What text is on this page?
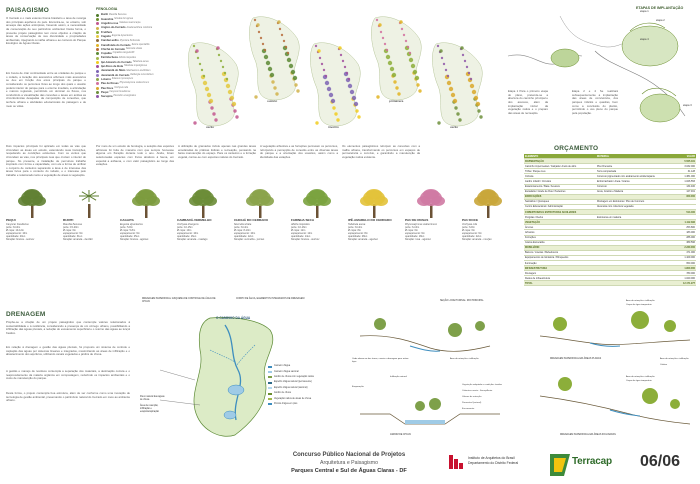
PAISAGISMO
O Cerrado é o mais extenso bioma brasileiro e área de recarga dos principais aquíferos do país. Encontra-se, no entanto, sob ameaça das ações antrópicas, havendo assim, a necessidade da conservação de seu patrimônio ambiental. Desta forma, o presente projeto paisagístico tem como objetivo a criação de áreas de conservação de sua diversidade e propriedades ambientais, integrando à malha urbana e ao contexto do Parque Ecológico de Águas Claras.
Em busca de criar continuidade entre as unidades de parque e o rodado, a locação dos acessórios arbóreos mais acessórios se deu em função dos eixos principais do parque e considerando os percursos livres ao longo dos quais o usuário poderá interior do parque para o entorno imediato, a articulação e marcos regionais, permitindo um dominar os fluxos, nos conduzindo a visualização das conexões e áreas em ambas as circunferências desejadas da composição de conexões, que tenhura urbana e atividades educacionais de paisagem e de meio ou vidas.
FENOLOGIA
Buriti Mauritia flexuosa
Guanchia Simaba ferruginea
Angelim-rosa Vatairea macrocarpa
Angico-do-Cerrado Anadenanthera colubrina
Frutífera
Cagaita Eugenia dysenterica
Cambuí-velho Myrciaria floribunda
Canafístula do Cerrado Senna spectabilis
Chichá do Cerrado Sterculia striata
Copaíba Copaifera langsdorffii
Farinha Seca Albizia niopoides
Ipê-Amarelo do Cerrado Tabebuia aurea
Ipê-Roxo de Bola Tabebuia impetiginosa
Jacarandá do Mato Machaerium acutifolium
Jacarandá do Cerrado Dalbergia miscolobium
Lobeira Solanum lycocarpum
Pau de Rosas Physocalymma scaberrimum
Pau Doce Vochysia rufa
Pequi Caryocar brasiliense
Sucupira Pterodon emarginatus
verão
outono
inverno
primavera
verão
Dois impactos principais foi aplicado em todas as vias que circundam as áreas em estudo, estendendo suas transições, respeitando as condições existentes. Com os ventos que circundam as vias, nos principais ruas que cruzam o interior do parque. No presente, a instalação de percursos trabalho inspirado com forma e capacidade, com ele a forma de unificar o conjunto de canteiros separando a área é de interesse das áreas livres para o contexto do rodado, e o interesse pelo trabalho e relacionado tanto a vegetação de áreas à vegetação.
Por meio de um estudo de fenologia, a seleção das espécies arbóreas foi feita de maneira com que sempre houvesse alguma em floração durante todo o ano. Ainda, foram selecionadas espécies com frutos atrativos à fauna, em especial a avifauna, e com valor paisagístico ao longo das estações.
A utilização de gramados incluiu apenas nas grandes áreas ensolaradas de práticas lúdicas e recreação, pensando na baixa manutenção do espaço. Para os canteiros e a forração vegetal, contou-se com espécies nativas do Cerrado.
A vegetação arbustiva e as forrações permeiam os percursos, reforçando a percepção de conexão entre as diversas áreas do parque e a orientação dos usuários, assim como a identidade das estações.
Os elementos paisagísticos reforçam as conexões com a malha urbana, transformando os percursos em espaços de permanência e convívio, e garantindo a manutenção da vegetação nativa existente.
PEQUI
Caryocar brasiliense
porte: 8-10m
Ø copa: 10-12m
espaçamento: 10m
quantidade: 20un
floração: branca - set/nov
BURITI
Mauritia flexuosa
porte: 15-20m
Ø copa: 6m
espaçamento: 6m
quantidade: 31un
floração: amarela - dez/abr
CAGAITA
Eugenia dysenterica
porte: 5-8m
Ø copa: 5-8m
espaçamento: 6m
quantidade: 25un
floração: branca - ago/set
CAMBARÁ-VERMELHO
Vochysia divergens
porte: 10-15m
Ø copa: 10m
espaçamento: 10m
quantidade: 16un
floração: amarela - mai/ago
CHICHÁ DO CERRADO
Sterculia striata
porte: 8-12m
Ø copa: 8-10m
espaçamento: 10m
quantidade: 12un
floração: vermelha - jun/set
FARINHA SECA
Albizia niopoides
porte: 10-16m
Ø copa: 12m
espaçamento: 12m
quantidade: 14un
floração: branca - out/nov
IPÊ-AMARELO DO CERRADO
Tabebuia aurea
porte: 8-12m
Ø copa: 8m
espaçamento: 8m
quantidade: 28un
floração: amarela - ago/set
PAU DE ROSAS
Physocalymma scaberrimum
porte: 6-10m
Ø copa: 6m
espaçamento: 6m
quantidade: 18un
floração: rosa - ago/out
PAU DOCE
Vochysia rufa
porte: 6-8m
Ø copa: 6m
espaçamento: 6m
quantidade: 22un
floração: amarela - nov/jan
ETAPAS DE IMPLANTAÇÃO
etapa 1
etapa 2
etapa 3
etapa 4
Etapa 1 Para o primeiro etapa do plano, pretende-se a abertura do caminho principal e dos acessos, além da implantação inicial da vegetação nativa e o preparo das áreas de recreação.
Etapa 2 e 4 Se realizará subsequentemente a implantação das áreas de convivência, dos parques infantis e quadras, bem como a conclusão do plantio, permitindo o uso pleno do parque pela população.
ORÇAMENTO
ELEMENTO	MATERIAL	VALOR
PAVIMENTAÇÃO		5.565.181
Caminho impermeável / Calçada / Anéis de átrio	Piso Drenante	3.032.000
Trilha / Parque Live	Terra compactada	31.128
Ciclovia	Concreto pigmentado com acabamento antiderrapante	1.381.000
Jardim infantil / Circuitos	Emborrachado / Areia / Grama	1.026.553
Estacionamento / Baia / Acessos	Concreto	134.400
Escadaria / Grade de Rua / Pedestres	Areia, Granito e Madeira	127.461
EDIFICAÇÕES		950.000
Sanitários / Quiosques	Montagem em Estruturas / Piso de Concreto	
Centro Educacional / Administração	Alvenaria com cobertura vegetada	
COBERTURAS E ESTRUTURAS AUXILIARES		514.400
Pérgolas / Decks	Estruturas em madeira	
VEGETAÇÃO		1.112.396
Árvores		253.800
Arbustos		183.000
Forrações		286.000
Grama Esmeralda		389.596
MOBILIÁRIO		2.230.000
Bancos / Lixeiras / Bebedouros		471.000
Equipamentos de Ginástica / Brinquedos		1.109.000
Iluminação		650.000
INFRAESTRUTURA		1.800.000
Drenagem		780.000
Redes de infraestrutura		1.020.000
TOTAL		12.171.977
DRENAGEM
Propõe-se a criação de um projeto paisagístico que contemple valores relacionados à sustentabilidade e à resiliência, considerando a presença de um córrego urbano, possibilitando a infiltração das águas pluviais, a redução do escoamento superficial e o retorno das águas ao lençol freático.
Em relação à drenagem e gestão das águas pluviais, foi proposto um sistema de controle e captação das águas por sistemas lineares e integrados, maximizando as áreas de infiltração e o abastecimento dos aquíferos, utilizando canais vegetados e jardins de chuva.
A gestão e manejo de resíduos contempla a separação dos materiais, a destinação correta e o reaproveitamento da matéria orgânica em compostagem, reduzindo os impactos ambientais e o custo de manutenção do parque.
Desta forma, o projeto contempla boa estrutura, além de ser conforme como uma inovação de tecnologia de gestão ambiental, preservando o patrimônio natural do Cerrado em meio ao ambiente urbano.
DRENAGEM SUPERFICIAL: ESQUEMA DE CONTROLE DE ÁGUA DE CHUVA
CORPO DE ÁGUA, ELEMENTOS INTEGRADOS DE DRENAGEM
O CAMINHO DA ÁGUA
Fluxo natural das águas de chuva
Área de retenção, infiltração e evapotranspiração
Canteiro d'água
Canteiro d'água sazonal
Jardim de chuva com vegetação nativa
Espelho d'água natural (permanente)
Espelho d'água natural (sazonal)
Jardim de chuva
Vegetação nativa de áreas de chuva
Pontos d'água em piso
SEÇÃO LONGITUDINAL: RIO PRINCIPAL
Onde abrem-se das áreas, canais e drenagem para retirar lajes
Área de retenção e infiltração
Área de retenção e infiltração
Corpo de água temporário
DRENAGEM SUPERFICIAL EM ÁREAS PLANAS	Área de retenção e infiltração
Coletor
Infiltração natural
Evaporação
Vegetação adaptada a condições úmidas
Cobertura morta - Serrapilheira
Volume de retenção
Permeável (natural)
Escoamento
JARDIM DE CHUVA
Área de retenção e infiltração
Corpo de água temporário
DRENAGEM SUPERFICIAL EM ÁREAS INCLINADAS
Concurso Público Nacional de Projetos
Arquitetura e Paisagismo
Parques Central e Sul de Águas Claras - DF
Instituto de Arquitetos do Brasil
Departamento do Distrito Federal	Terracap 06/06
